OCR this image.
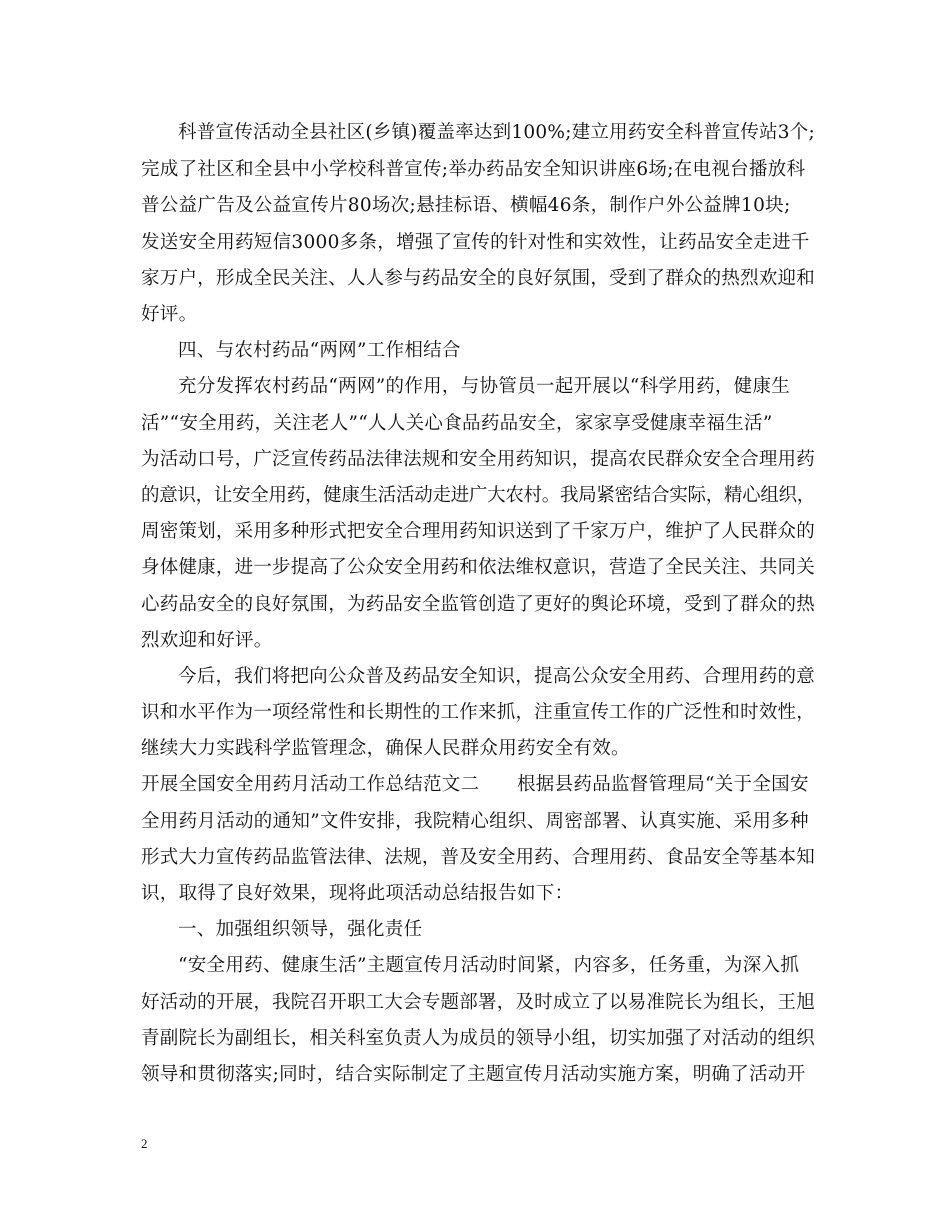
科普宣传活动全县社区(乡镇)覆盖率达到100%;建立用药安全科普宣传站3个;
完成了社区和全县中小学校科普宣传;举办药品安全知识讲座6场;在电视台播放科
普公益广告及公益宣传片80场次;悬挂标语、横幅46条，制作户外公益牌10块;
发送安全用药短信3000多条，增强了宣传的针对性和实效性，让药品安全走进千
家万户，形成全民关注、人人参与药品安全的良好氛围，受到了群众的热烈欢迎和
好评。
四、与农村药品“两网”工作相结合
充分发挥农村药品“两网”的作用，与协管员一起开展以“科学用药，健康生
活”“安全用药，关注老人”“人人关心食品药品安全，家家享受健康幸福生活”
为活动口号，广泛宣传药品法律法规和安全用药知识，提高农民群众安全合理用药
的意识，让安全用药，健康生活活动走进广大农村。我局紧密结合实际，精心组织，
周密策划，采用多种形式把安全合理用药知识送到了千家万户，维护了人民群众的
身体健康，进一步提高了公众安全用药和依法维权意识，营造了全民关注、共同关
心药品安全的良好氛围，为药品安全监管创造了更好的舆论环境，受到了群众的热
烈欢迎和好评。
今后，我们将把向公众普及药品安全知识，提高公众安全用药、合理用药的意
识和水平作为一项经常性和长期性的工作来抓，注重宣传工作的广泛性和时效性，
继续大力实践科学监管理念，确保人民群众用药安全有效。
开展全国安全用药月活动工作总结范文二　　根据县药品监督管理局“关于全国安
全用药月活动的通知”文件安排，我院精心组织、周密部署、认真实施、采用多种
形式大力宣传药品监管法律、法规，普及安全用药、合理用药、食品安全等基本知
识，取得了良好效果，现将此项活动总结报告如下：
一、加强组织领导，强化责任
“安全用药、健康生活”主题宣传月活动时间紧，内容多，任务重，为深入抓
好活动的开展，我院召开职工大会专题部署，及时成立了以易准院长为组长，王旭
青副院长为副组长，相关科室负责人为成员的领导小组，切实加强了对活动的组织
领导和贯彻落实;同时，结合实际制定了主题宣传月活动实施方案，明确了活动开
2
